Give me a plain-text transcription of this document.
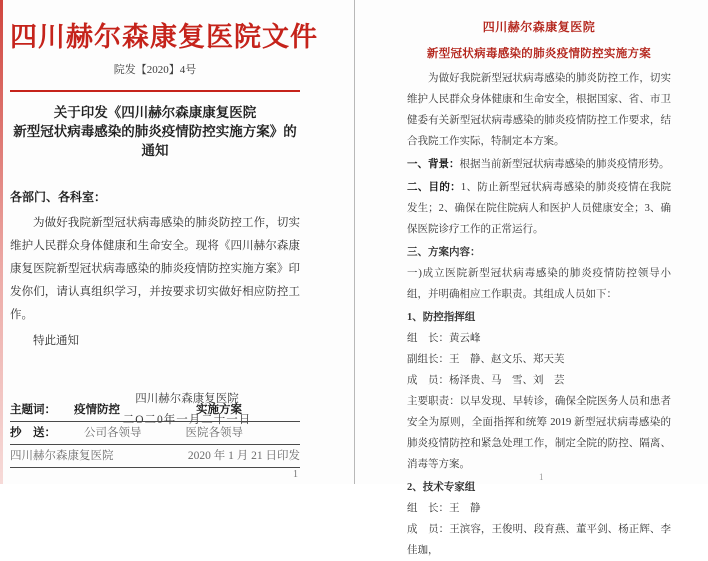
四川赫尔森康复医院文件
院发【2020】4号
关于印发《四川赫尔森康康复医院
新型冠状病毒感染的肺炎疫情防控实施方案》的通知
各部门、各科室：

为做好我院新型冠状病毒感染的肺炎防控工作，切实维护人民群众身体健康和生命安全。现将《四川赫尔森康康复医院新型冠状病毒感染的肺炎疫情防控实施方案》印发你们，请认真组织学习，并按要求切实做好相应防控工作。

特此通知

四川赫尔森康复医院
二O二0年一月二十一日
主题词： 疫情防控	实施方案
抄　送： 公司各领导	医院各领导
四川赫尔森康复医院	2020 年 1 月 21 日印发
1
四川赫尔森康复医院
新型冠状病毒感染的肺炎疫情防控实施方案

为做好我院新型冠状病毒感染的肺炎防控工作，切实维护人民群众身体健康和生命安全，根据国家、省、市卫健委有关新型冠状病毒感染的肺炎疫情防控工作要求，结合我院工作实际，特制定本方案。

一、背景：根据当前新型冠状病毒感染的肺炎疫情形势。

二、目的：1、防止新型冠状病毒感染的肺炎疫情在我院发生；2、确保在院住院病人和医护人员健康安全；3、确保医院诊疗工作的正常运行。

三、方案内容：

一)成立医院新型冠状病毒感染的肺炎疫情防控领导小组，并明确相应工作职责。其组成人员如下：

1、防控指挥组

组　长：黄云峰

副组长：王　静、赵文乐、郑天芙

成　员：杨泽贵、马　雪、刘　芸

主要职责：以早发现、早转诊，确保全院医务人员和患者安全为原则，全面指挥和统筹 2019 新型冠状病毒感染的肺炎疫情防控和紧急处理工作，制定全院的防控、隔离、消毒等方案。

2、技术专家组

组　长：王　静

成　员：王滨容，王俊明、段育燕、董平剑、杨正辉、李佳珈，

1
